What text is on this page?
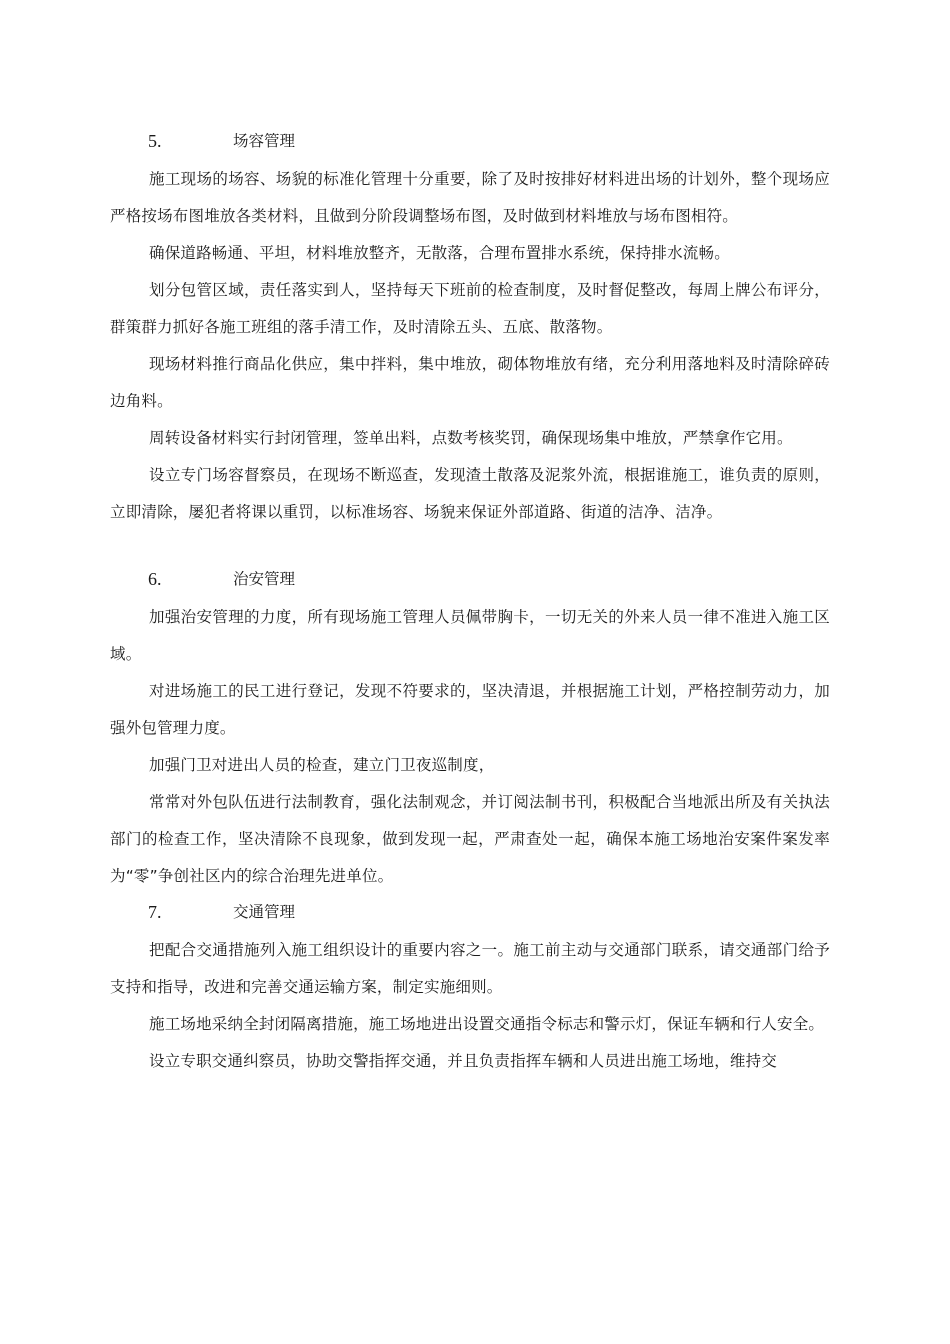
5.	场容管理

施工现场的场容、场貌的标准化管理十分重要，除了及时按排好材料进出场的计划外，整个现场应严格按场布图堆放各类材料，且做到分阶段调整场布图，及时做到材料堆放与场布图相符。

确保道路畅通、平坦，材料堆放整齐，无散落，合理布置排水系统，保持排水流畅。

划分包管区域，责任落实到人，坚持每天下班前的检查制度，及时督促整改，每周上牌公布评分，群策群力抓好各施工班组的落手清工作，及时清除五头、五底、散落物。

现场材料推行商品化供应，集中拌料，集中堆放，砌体物堆放有绪，充分利用落地料及时清除碎砖边角料。

周转设备材料实行封闭管理，签单出料，点数考核奖罚，确保现场集中堆放，严禁拿作它用。

设立专门场容督察员，在现场不断巡查，发现渣土散落及泥浆外流，根据谁施工，谁负责的原则，立即清除，屡犯者将课以重罚，以标准场容、场貌来保证外部道路、街道的洁净、洁净。

6.	治安管理

加强治安管理的力度，所有现场施工管理人员佩带胸卡，一切无关的外来人员一律不准进入施工区域。

对进场施工的民工进行登记，发现不符要求的，坚决清退，并根据施工计划，严格控制劳动力，加强外包管理力度。

加强门卫对进出人员的检查，建立门卫夜巡制度，

常常对外包队伍进行法制教育，强化法制观念，并订阅法制书刊，积极配合当地派出所及有关执法部门的检查工作，坚决清除不良现象，做到发现一起，严肃查处一起，确保本施工场地治安案件案发率为“零”争创社区内的综合治理先进单位。

7.	交通管理

把配合交通措施列入施工组织设计的重要内容之一。施工前主动与交通部门联系，请交通部门给予支持和指导，改进和完善交通运输方案，制定实施细则。

施工场地采纳全封闭隔离措施，施工场地进出设置交通指令标志和警示灯，保证车辆和行人安全。

设立专职交通纠察员，协助交警指挥交通，并且负责指挥车辆和人员进出施工场地，维持交
